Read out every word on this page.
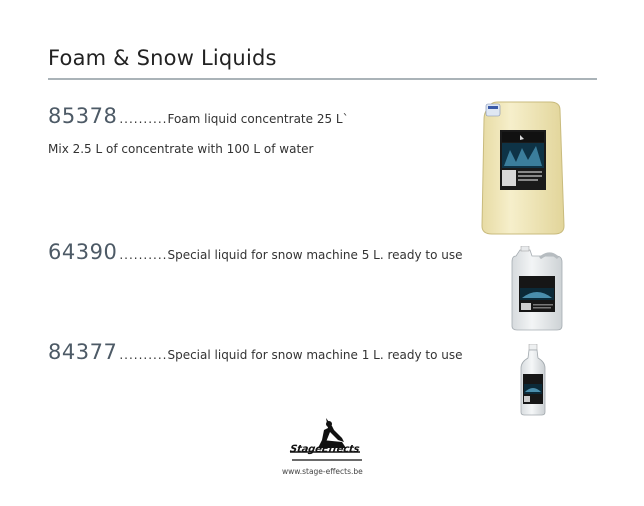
Foam & Snow Liquids
85378 ..........Foam liquid concentrate 25 L`
Mix 2.5 L of concentrate with 100 L of water
64390 ..........Special liquid for snow machine 5 L. ready to use
84377 ..........Special liquid for snow machine 1 L. ready to use
StageEffects
www.stage-effects.be
